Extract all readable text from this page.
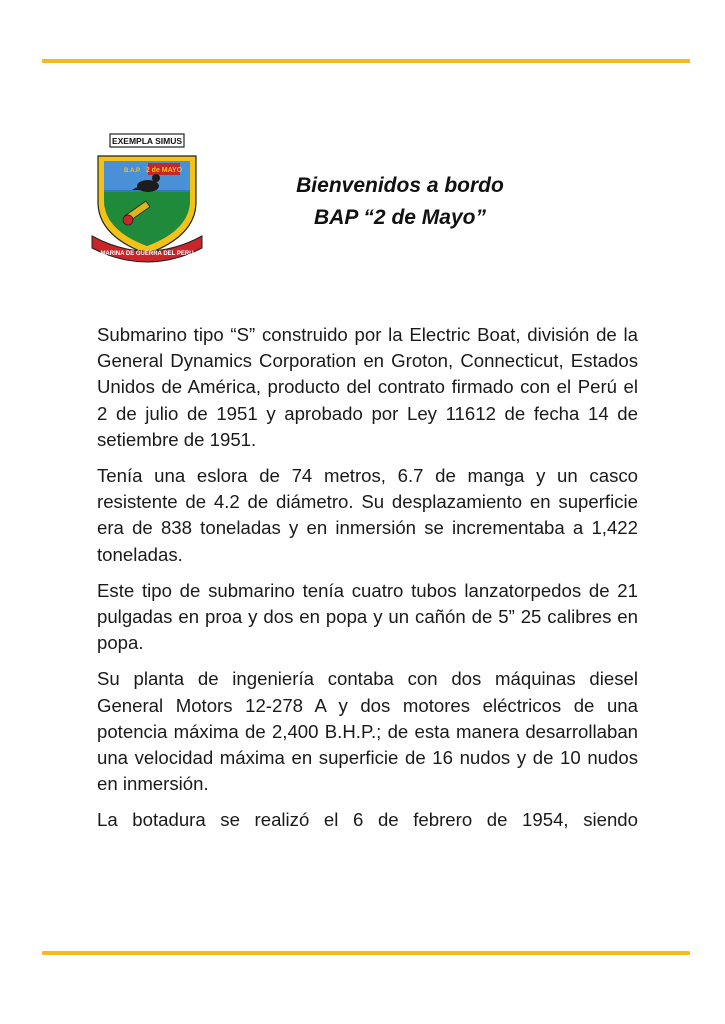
EXEMPLA SIMUS
B.A.P. 2 de MAYO
MARINA DE GUERRA DEL PERU
Bienvenidos a bordo
BAP “2 de Mayo”

Submarino tipo “S” construido por la Electric Boat, división de la General Dynamics Corporation en Groton, Connecticut, Estados Unidos de América, producto del contrato firmado con el Perú el 2 de julio de 1951 y aprobado por Ley 11612 de fecha 14 de setiembre de 1951.

Tenía una eslora de 74 metros, 6.7 de manga y un casco resistente de 4.2 de diámetro. Su desplazamiento en superficie era de 838 toneladas y en inmersión se incrementaba a 1,422 toneladas.

Este tipo de submarino tenía cuatro tubos lanzatorpedos de 21 pulgadas en proa y dos en popa y un cañón de 5” 25 calibres en popa.

Su planta de ingeniería contaba con dos máquinas diesel General Motors 12-278 A y dos motores eléctricos de una potencia máxima de 2,400 B.H.P.; de esta manera desarrollaban una velocidad máxima en superficie de 16 nudos y de 10 nudos en inmersión.

La botadura se realizó el 6 de febrero de 1954, siendo
